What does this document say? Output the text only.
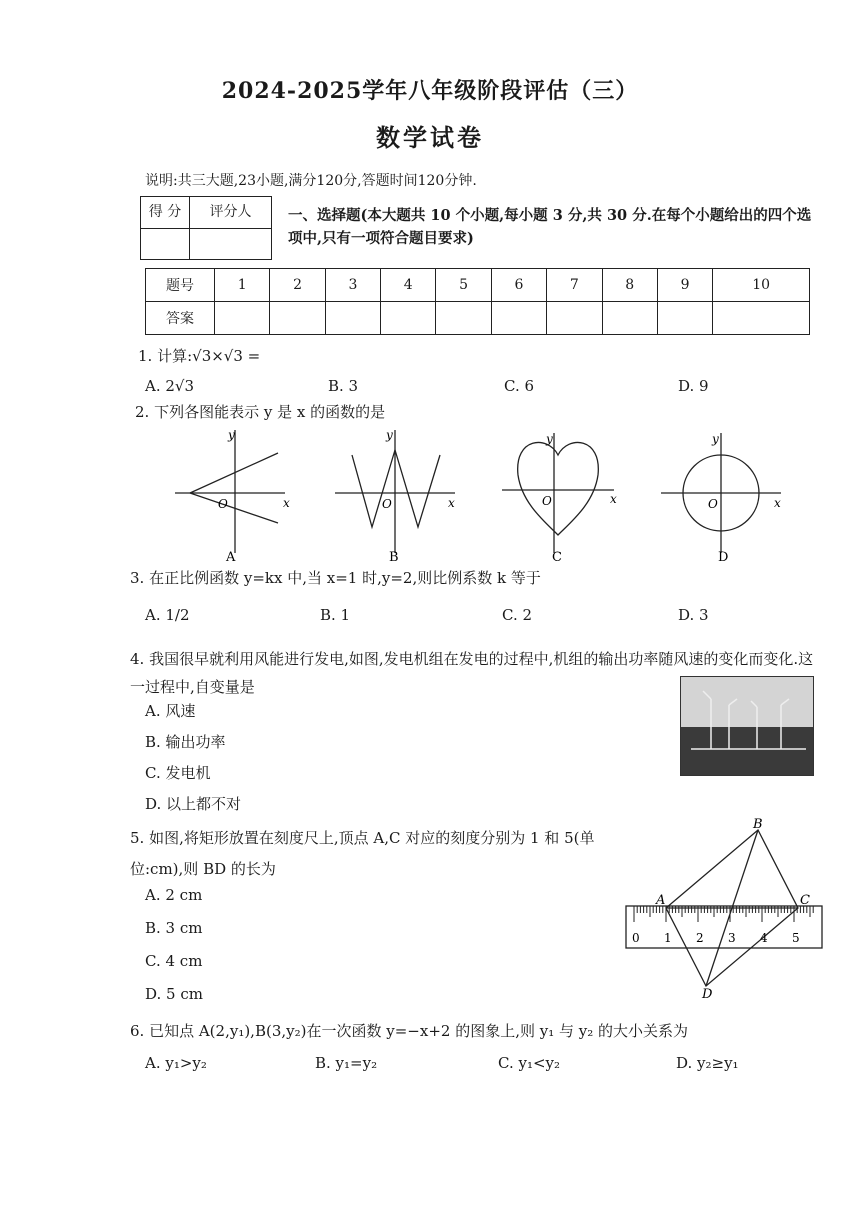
2024-2025学年八年级阶段评估（三）
数学试卷
说明:共三大题,23小题,满分120分,答题时间120分钟.
得 分	评分人	一、选择题(本大题共 10 个小题,每小题 3 分,共 30 分.在每个小题给出的四个选项中,只有一项符合题目要求)
题号	1	2	3	4	5	6	7	8	9	10
答案										
1. 计算:√3×√3 =
A. 2√3	B. 3	C. 6	D. 9
2. 下列各图能表示 y 是 x 的函数的是
y
x
O
A
y
x
O
B
y
x
O
C
y
x
O
D
3. 在正比例函数 y=kx 中,当 x=1 时,y=2,则比例系数 k 等于
A. 1/2	B. 1	C. 2	D. 3
4. 我国很早就利用风能进行发电,如图,发电机组在发电的过程中,机组的输出功率随风速的变化而变化.这一过程中,自变量是
A. 风速
B. 输出功率
C. 发电机
D. 以上都不对
5. 如图,将矩形放置在刻度尺上,顶点 A,C 对应的刻度分别为 1 和 5(单位:cm),则 BD 的长为
A. 2 cm
B. 3 cm
C. 4 cm
D. 5 cm
0 1 2 3 4 5
A
B
C
D
6. 已知点 A(2,y₁),B(3,y₂)在一次函数 y=−x+2 的图象上,则 y₁ 与 y₂ 的大小关系为
A. y₁>y₂	B. y₁=y₂	C. y₁<y₂	D. y₂≥y₁
